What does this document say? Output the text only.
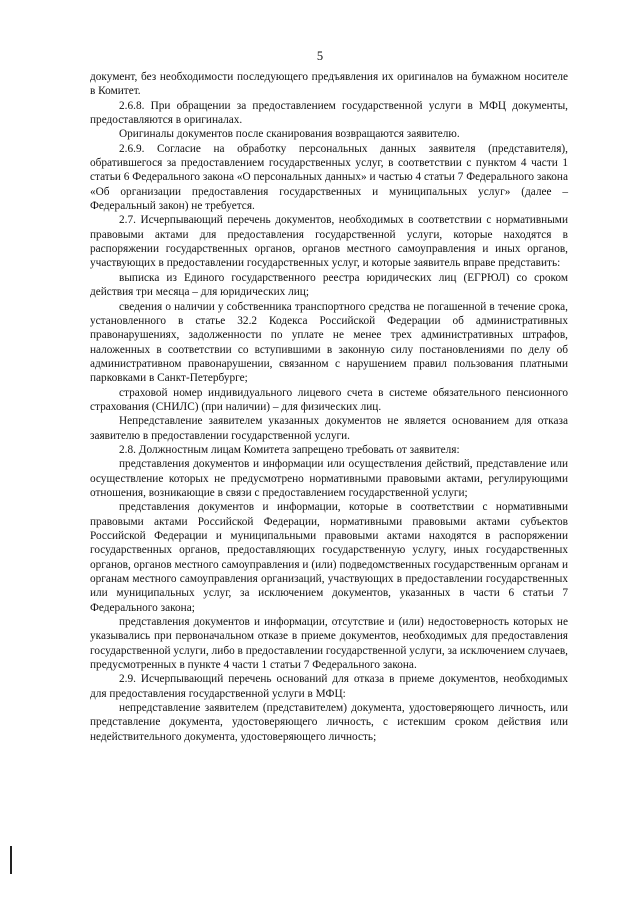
5

документ, без необходимости последующего предъявления их оригиналов на бумажном носителе в Комитет.

2.6.8. При обращении за предоставлением государственной услуги в МФЦ документы, предоставляются в оригиналах.

Оригиналы документов после сканирования возвращаются заявителю.

2.6.9. Согласие на обработку персональных данных заявителя (представителя), обратившегося за предоставлением государственных услуг, в соответствии с пунктом 4 части 1 статьи 6 Федерального закона «О персональных данных» и частью 4 статьи 7 Федерального закона «Об организации предоставления государственных и муниципальных услуг» (далее – Федеральный закон) не требуется.

2.7. Исчерпывающий перечень документов, необходимых в соответствии с нормативными правовыми актами для предоставления государственной услуги, которые находятся в распоряжении государственных органов, органов местного самоуправления и иных органов, участвующих в предоставлении государственных услуг, и которые заявитель вправе представить:

выписка из Единого государственного реестра юридических лиц (ЕГРЮЛ) со сроком действия три месяца – для юридических лиц;

сведения о наличии у собственника транспортного средства не погашенной в течение срока, установленного в статье 32.2 Кодекса Российской Федерации об административных правонарушениях, задолженности по уплате не менее трех административных штрафов, наложенных в соответствии со вступившими в законную силу постановлениями по делу об административном правонарушении, связанном с нарушением правил пользования платными парковками в Санкт-Петербурге;

страховой номер индивидуального лицевого счета в системе обязательного пенсионного страхования (СНИЛС) (при наличии) – для физических лиц.

Непредставление заявителем указанных документов не является основанием для отказа заявителю в предоставлении государственной услуги.

2.8. Должностным лицам Комитета запрещено требовать от заявителя:

представления документов и информации или осуществления действий, представление или осуществление которых не предусмотрено нормативными правовыми актами, регулирующими отношения, возникающие в связи с предоставлением государственной услуги;

представления документов и информации, которые в соответствии с нормативными правовыми актами Российской Федерации, нормативными правовыми актами субъектов Российской Федерации и муниципальными правовыми актами находятся в распоряжении государственных органов, предоставляющих государственную услугу, иных государственных органов, органов местного самоуправления и (или) подведомственных государственным органам и органам местного самоуправления организаций, участвующих в предоставлении государственных или муниципальных услуг, за исключением документов, указанных в части 6 статьи 7 Федерального закона;

представления документов и информации, отсутствие и (или) недостоверность которых не указывались при первоначальном отказе в приеме документов, необходимых для предоставления государственной услуги, либо в предоставлении государственной услуги, за исключением случаев, предусмотренных в пункте 4 части 1 статьи 7 Федерального закона.

2.9. Исчерпывающий перечень оснований для отказа в приеме документов, необходимых для предоставления государственной услуги в МФЦ:

непредставление заявителем (представителем) документа, удостоверяющего личность, или представление документа, удостоверяющего личность, с истекшим сроком действия или недействительного документа, удостоверяющего личность;
